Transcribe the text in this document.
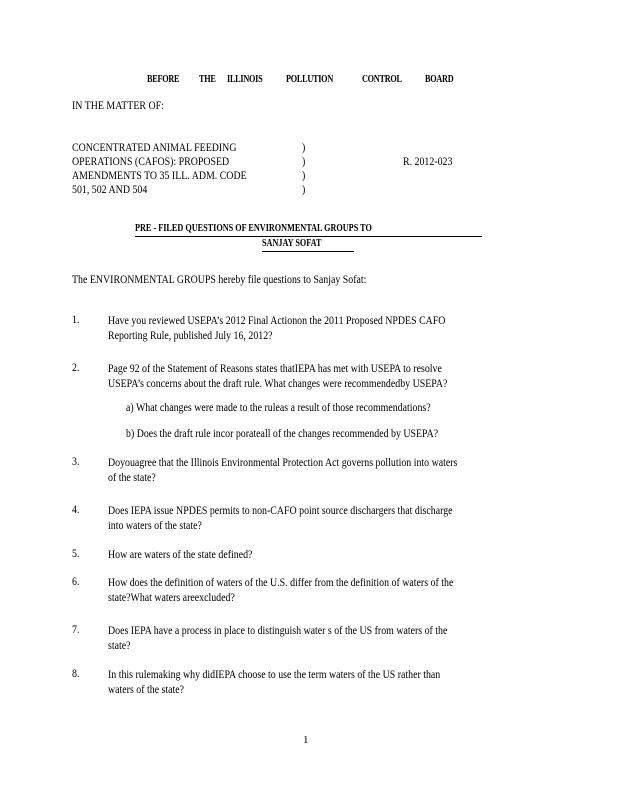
BEFORE THE ILLINOIS POLLUTION	CONTROL BOARD
IN THE MATTER OF:
CONCENTRATED ANIMAL FEEDING
OPERATIONS (CAFOS): PROPOSED
AMENDMENTS TO 35 ILL. ADM. CODE
501, 502 AND 504
)
)
)
)
R. 2012-023
PRE - FILED QUESTIONS OF ENVIRONMENTAL GROUPS TO
SANJAY SOFAT
The ENVIRONMENTAL GROUPS hereby file questions to Sanjay Sofat:
1. Have you reviewed USEPA’s 2012 Final Actionon the 2011 Proposed NPDES CAFO
Reporting Rule, published July 16, 2012?
2. Page 92 of the Statement of Reasons states thatIEPA has met with USEPA to resolve
USEPA’s concerns about the draft rule. What changes were recommendedby USEPA?
a) What changes were made to the ruleas a result of those recommendations?
b) Does the draft rule incor porateall of the changes recommended by USEPA?
3. Doyouagree that the Illinois Environmental Protection Act governs pollution into waters
of the state?
4. Does IEPA issue NPDES permits to non-CAFO point source dischargers that discharge
into waters of the state?
5. How are waters of the state defined?
6. How does the definition of waters of the U.S. differ from the definition of waters of the
state?What waters areexcluded?
7. Does IEPA have a process in place to distinguish water s of the US from waters of the
state?
8. In this rulemaking why didIEPA choose to use the term waters of the US rather than
waters of the state?
1
